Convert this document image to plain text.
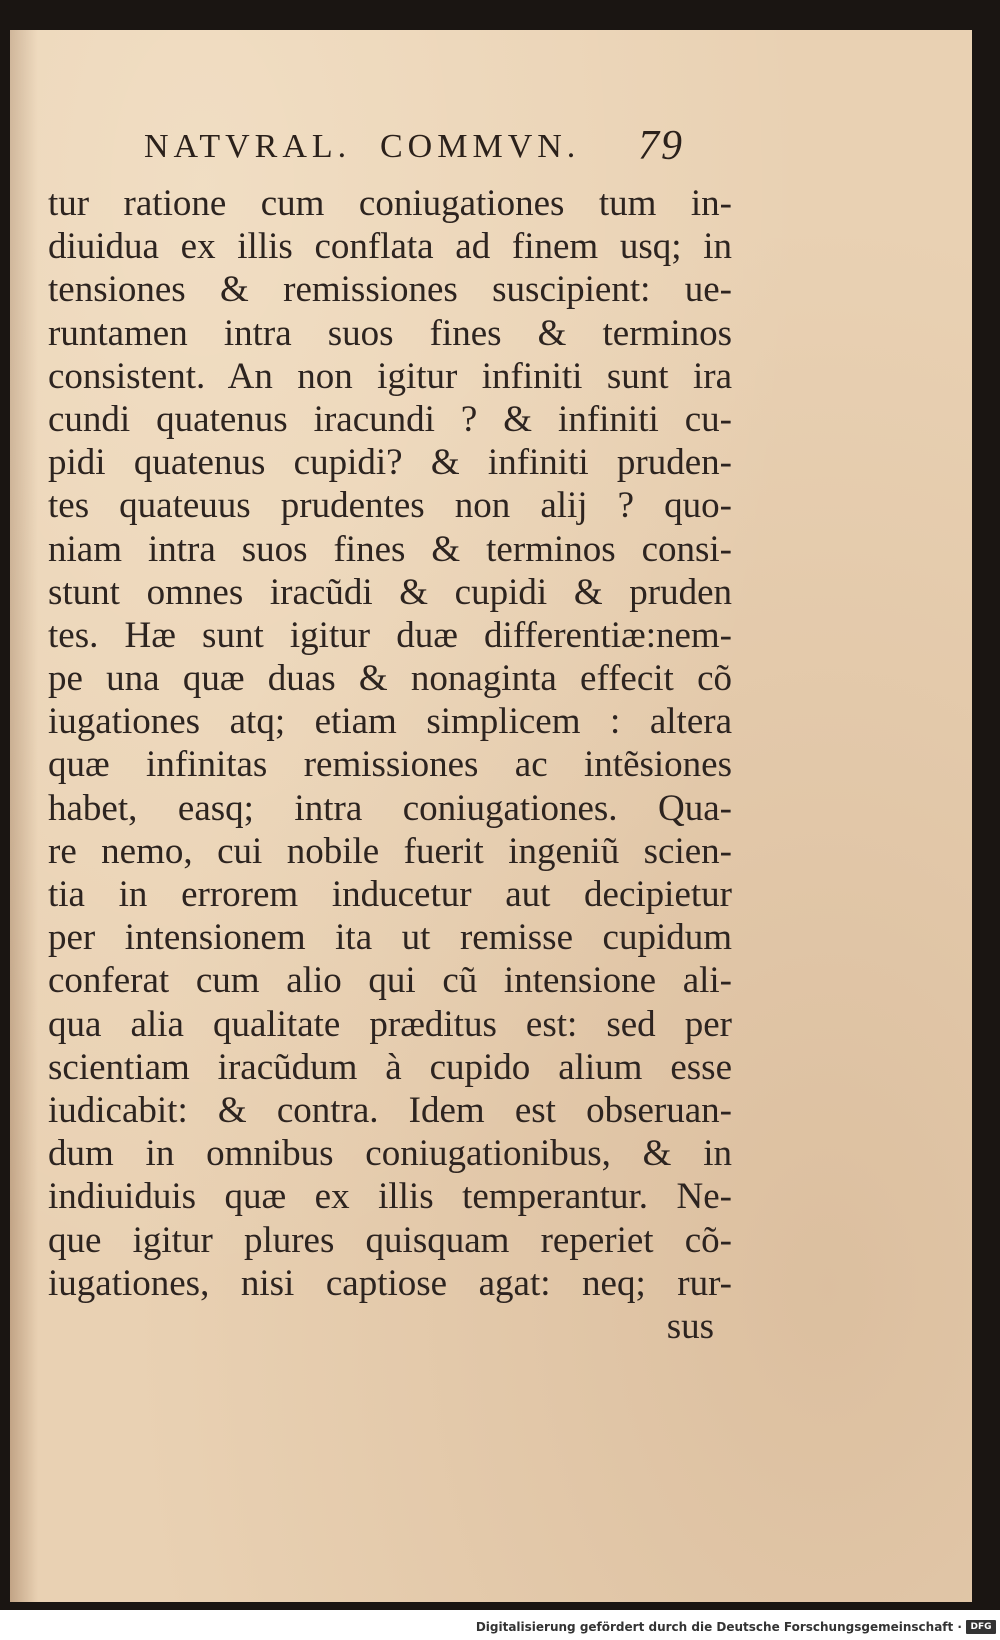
NATVRAL. COMMVN. 79
tur ratione cum coniugationes tum in-
diuidua ex illis conflata ad finem usq; in
tensiones & remissiones suscipient: ue-
runtamen intra suos fines & terminos
consistent. An non igitur infiniti sunt ira
cundi quatenus iracundi ? & infiniti cu-
pidi quatenus cupidi? & infiniti pruden-
tes quateuus prudentes non alij ? quo-
niam intra suos fines & terminos consi-
stunt omnes iracũdi & cupidi & pruden
tes. Hæ sunt igitur duæ differentiæ:nem-
pe una quæ duas & nonaginta effecit cõ
iugationes atq; etiam simplicem : altera
quæ infinitas remissiones ac intẽsiones
habet, easq; intra coniugationes. Qua-
re nemo, cui nobile fuerit ingeniũ scien-
tia in errorem inducetur aut decipietur
per intensionem ita ut remisse cupidum
conferat cum alio qui cũ intensione ali-
qua alia qualitate præditus est: sed per
scientiam iracũdum à cupido alium esse
iudicabit: & contra. Idem est obseruan-
dum in omnibus coniugationibus, & in
indiuiduis quæ ex illis temperantur. Ne-
que igitur plures quisquam reperiet cõ-
iugationes, nisi captiose agat: neq; rur-
sus
Digitalisierung gefördert durch die Deutsche Forschungsgemeinschaft · DFG
